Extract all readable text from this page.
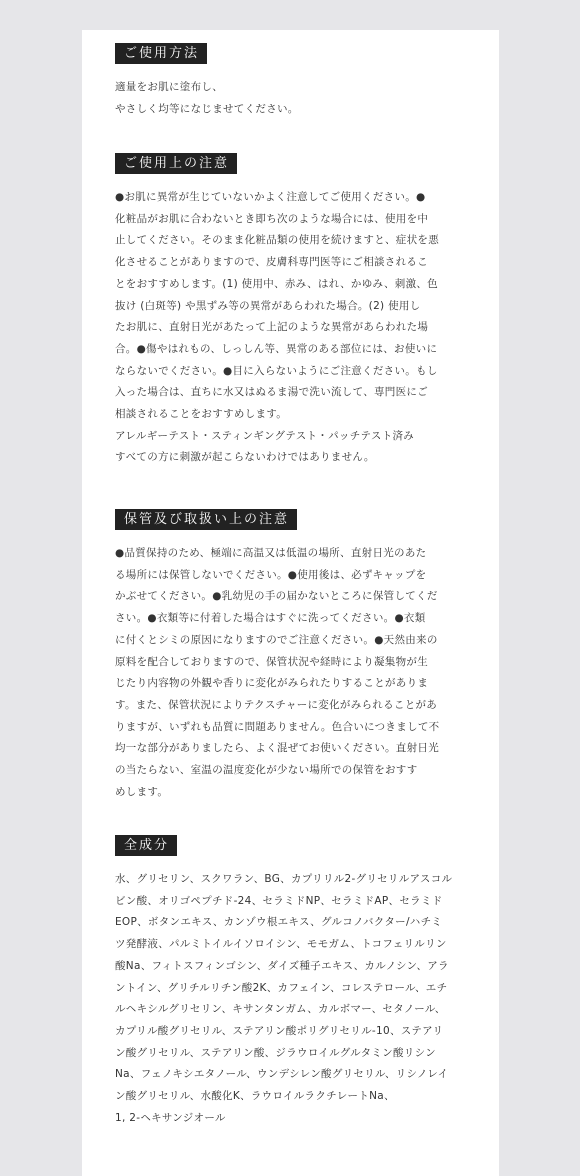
ご使用方法
適量をお肌に塗布し、
やさしく均等になじませてください。
ご使用上の注意
●お肌に異常が生じていないかよく注意してご使用ください。●
化粧品がお肌に合わないとき即ち次のような場合には、使用を中
止してください。そのまま化粧品類の使用を続けますと、症状を悪
化させることがありますので、皮膚科専門医等にご相談されるこ
とをおすすめします。(1) 使用中、赤み、はれ、かゆみ、刺激、色
抜け (白斑等) や黒ずみ等の異常があらわれた場合。(2) 使用し
たお肌に、直射日光があたって上記のような異常があらわれた場
合。●傷やはれもの、しっしん等、異常のある部位には、お使いに
ならないでください。●目に入らないようにご注意ください。もし
入った場合は、直ちに水又はぬるま湯で洗い流して、専門医にご
相談されることをおすすめします。
アレルギーテスト・スティンギングテスト・パッチテスト済み
すべての方に刺激が起こらないわけではありません。
保管及び取扱い上の注意
●品質保持のため、極端に高温又は低温の場所、直射日光のあた
る場所には保管しないでください。●使用後は、必ずキャップを
かぶせてください。●乳幼児の手の届かないところに保管してくだ
さい。●衣類等に付着した場合はすぐに洗ってください。●衣類
に付くとシミの原因になりますのでご注意ください。●天然由来の
原料を配合しておりますので、保管状況や経時により凝集物が生
じたり内容物の外観や香りに変化がみられたりすることがありま
す。また、保管状況によりテクスチャーに変化がみられることがあ
りますが、いずれも品質に問題ありません。色合いにつきまして不
均一な部分がありましたら、よく混ぜてお使いください。直射日光
の当たらない、室温の温度変化が少ない場所での保管をおすす
めします。
全成分
水、グリセリン、スクワラン、BG、カプリリル2-グリセリルアスコル
ビン酸、オリゴペプチド-24、セラミドNP、セラミドAP、セラミド
EOP、ボタンエキス、カンゾウ根エキス、グルコノバクター/ハチミ
ツ発酵液、パルミトイルイソロイシン、モモガム、トコフェリルリン
酸Na、フィトスフィンゴシン、ダイズ種子エキス、カルノシン、アラ
ントイン、グリチルリチン酸2K、カフェイン、コレステロール、エチ
ルヘキシルグリセリン、キサンタンガム、カルボマー、セタノール、
カプリル酸グリセリル、ステアリン酸ポリグリセリル-10、ステアリ
ン酸グリセリル、ステアリン酸、ジラウロイルグルタミン酸リシン
Na、フェノキシエタノール、ウンデシレン酸グリセリル、リシノレイ
ン酸グリセリル、水酸化K、ラウロイルラクチレートNa、
1, 2-ヘキサンジオール
